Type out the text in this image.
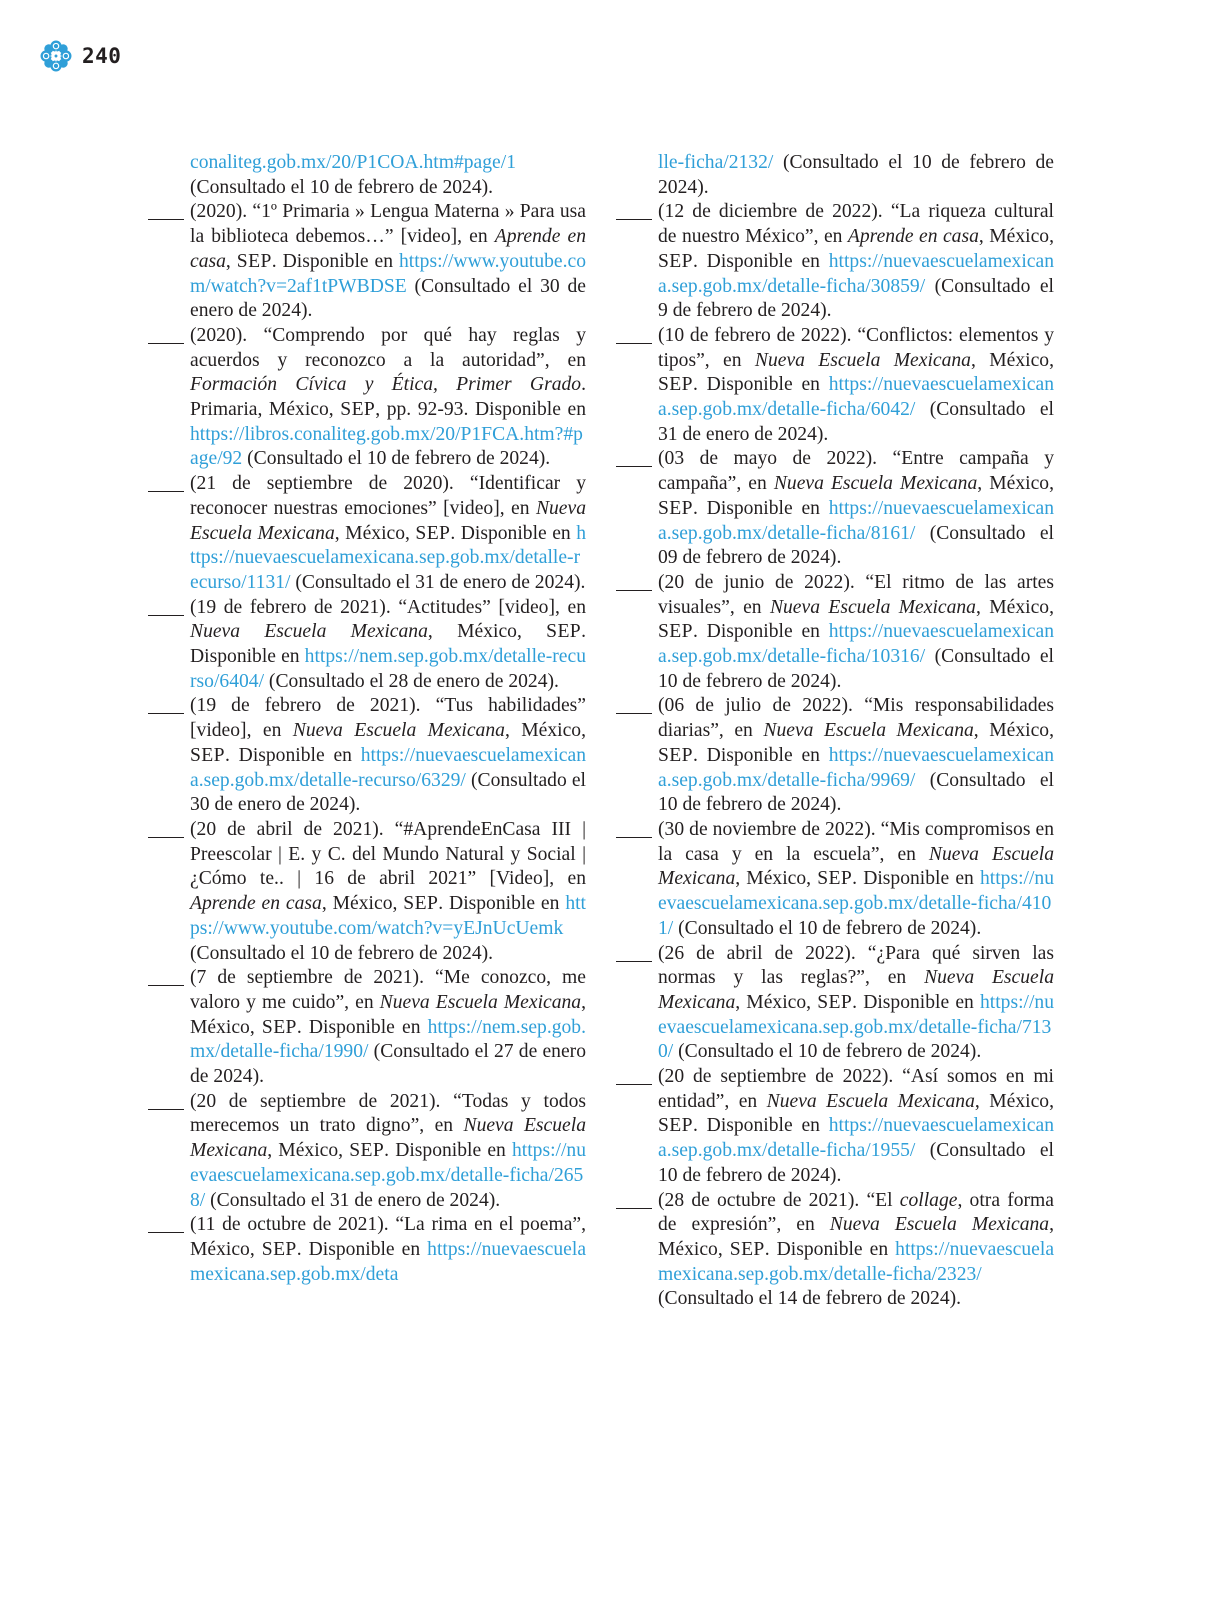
240
conaliteg.gob.mx/20/P1COA.htm#page/1 (Consultado el 10 de febrero de 2024).
(2020). “1º Primaria » Lengua Materna » Para usa la biblioteca debemos…” [video], en Aprende en casa, SEP. Disponible en https://www.youtube.com/watch?v=2af1tPWBDSE (Consultado el 30 de enero de 2024).
(2020). “Comprendo por qué hay reglas y acuerdos y reconozco a la autoridad”, en Formación Cívica y Ética, Primer Grado. Primaria, México, SEP, pp. 92-93. Disponible en https://libros.conaliteg.gob.mx/20/P1FCA.htm?#page/92 (Consultado el 10 de febrero de 2024).
(21 de septiembre de 2020). “Identificar y reconocer nuestras emociones” [video], en Nueva Escuela Mexicana, México, SEP. Disponible en https://nuevaescuelamexicana.sep.gob.mx/detalle-recurso/1131/ (Consultado el 31 de enero de 2024).
(19 de febrero de 2021). “Actitudes” [video], en Nueva Escuela Mexicana, México, SEP. Disponible en https://nem.sep.gob.mx/detalle-recurso/6404/ (Consultado el 28 de enero de 2024).
(19 de febrero de 2021). “Tus habilidades” [video], en Nueva Escuela Mexicana, México, SEP. Disponible en https://nuevaescuelamexicana.sep.gob.mx/detalle-recurso/6329/ (Consultado el 30 de enero de 2024).
(20 de abril de 2021). “#AprendeEnCasa III | Preescolar | E. y C. del Mundo Natural y Social | ¿Cómo te.. | 16 de abril 2021” [Video], en Aprende en casa, México, SEP. Disponible en https://www.youtube.com/watch?v=yEJnUcUemk (Consultado el 10 de febrero de 2024).
(7 de septiembre de 2021). “Me conozco, me valoro y me cuido”, en Nueva Escuela Mexicana, México, SEP. Disponible en https://nem.sep.gob.mx/detalle-ficha/1990/ (Consultado el 27 de enero de 2024).
(20 de septiembre de 2021). “Todas y todos merecemos un trato digno”, en Nueva Escuela Mexicana, México, SEP. Disponible en https://nuevaescuelamexicana.sep.gob.mx/detalle-ficha/2658/ (Consultado el 31 de enero de 2024).
(11 de octubre de 2021). “La rima en el poema”, México, SEP. Disponible en https://nuevaescuelamexicana.sep.gob.mx/deta
lle-ficha/2132/ (Consultado el 10 de febrero de 2024).
(12 de diciembre de 2022). “La riqueza cultural de nuestro México”, en Aprende en casa, México, SEP. Disponible en https://nuevaescuelamexicana.sep.gob.mx/detalle-ficha/30859/ (Consultado el 9 de febrero de 2024).
(10 de febrero de 2022). “Conflictos: elementos y tipos”, en Nueva Escuela Mexicana, México, SEP. Disponible en https://nuevaescuelamexicana.sep.gob.mx/detalle-ficha/6042/ (Consultado el 31 de enero de 2024).
(03 de mayo de 2022). “Entre campaña y campaña”, en Nueva Escuela Mexicana, México, SEP. Disponible en https://nuevaescuelamexicana.sep.gob.mx/detalle-ficha/8161/ (Consultado el 09 de febrero de 2024).
(20 de junio de 2022). “El ritmo de las artes visuales”, en Nueva Escuela Mexicana, México, SEP. Disponible en https://nuevaescuelamexicana.sep.gob.mx/detalle-ficha/10316/ (Consultado el 10 de febrero de 2024).
(06 de julio de 2022). “Mis responsabilidades diarias”, en Nueva Escuela Mexicana, México, SEP. Disponible en https://nuevaescuelamexicana.sep.gob.mx/detalle-ficha/9969/ (Consultado el 10 de febrero de 2024).
(30 de noviembre de 2022). “Mis compromisos en la casa y en la escuela”, en Nueva Escuela Mexicana, México, SEP. Disponible en https://nuevaescuelamexicana.sep.gob.mx/detalle-ficha/4101/ (Consultado el 10 de febrero de 2024).
(26 de abril de 2022). “¿Para qué sirven las normas y las reglas?”, en Nueva Escuela Mexicana, México, SEP. Disponible en https://nuevaescuelamexicana.sep.gob.mx/detalle-ficha/7130/ (Consultado el 10 de febrero de 2024).
(20 de septiembre de 2022). “Así somos en mi entidad”, en Nueva Escuela Mexicana, México, SEP. Disponible en https://nuevaescuelamexicana.sep.gob.mx/detalle-ficha/1955/ (Consultado el 10 de febrero de 2024).
(28 de octubre de 2021). “El collage, otra forma de expresión”, en Nueva Escuela Mexicana, México, SEP. Disponible en https://nuevaescuelamexicana.sep.gob.mx/detalle-ficha/2323/ (Consultado el 14 de febrero de 2024).
